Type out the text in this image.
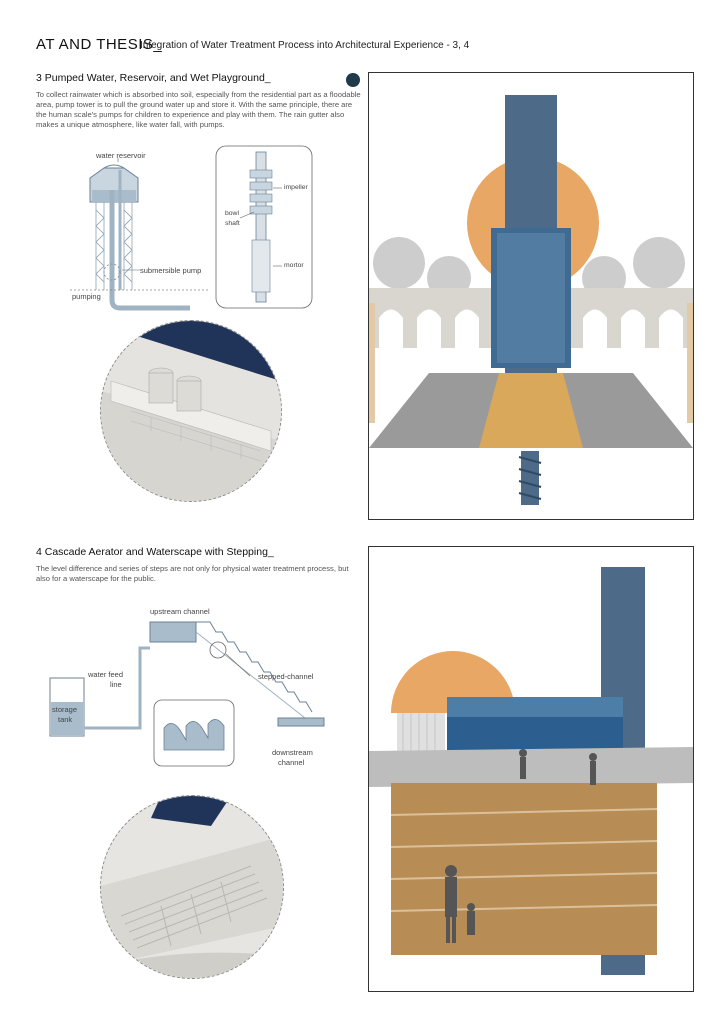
AT AND THESIS_
Integration of Water Treatment Process into Architectural Experience - 3, 4
3 Pumped Water, Reservoir, and Wet Playground_
To collect rainwater which is absorbed into soil, especially from the residential part as a floodable area, pump tower is to pull the ground water up and store it. With the same principle, there are the human scale's pumps for children to experience and play with them. The rain gutter also makes a unique atmosphere, like water fall, with pumps.
water reservoir
submersible pump
pumping
impeller
bowl
shaft
mortor
4 Cascade Aerator and Waterscape with Stepping_
The level difference and series of steps are not only for physical water treatment process, but also for a waterscape for the public.
upstream channel
water feed
line
stepped-channel
storage
tank
downstream
channel
